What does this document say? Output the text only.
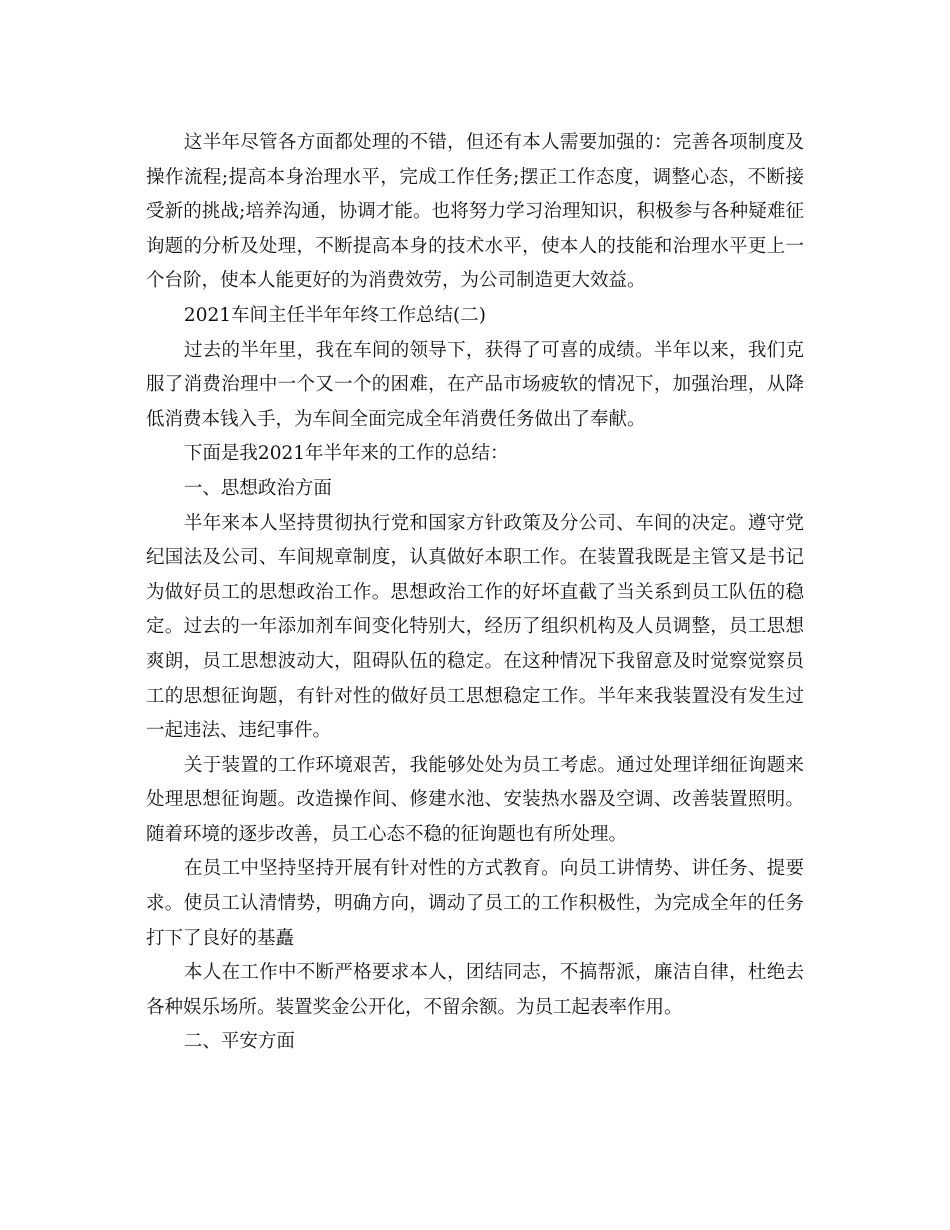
这半年尽管各方面都处理的不错，但还有本人需要加强的：完善各项制度及操作流程;提高本身治理水平，完成工作任务;摆正工作态度，调整心态，不断接受新的挑战;培养沟通，协调才能。也将努力学习治理知识，积极参与各种疑难征询题的分析及处理，不断提高本身的技术水平，使本人的技能和治理水平更上一个台阶，使本人能更好的为消费效劳，为公司制造更大效益。

2021车间主任半年年终工作总结(二)

过去的半年里，我在车间的领导下，获得了可喜的成绩。半年以来，我们克服了消费治理中一个又一个的困难，在产品市场疲软的情况下，加强治理，从降低消费本钱入手，为车间全面完成全年消费任务做出了奉献。

下面是我2021年半年来的工作的总结：

一、思想政治方面

半年来本人坚持贯彻执行党和国家方针政策及分公司、车间的决定。遵守党纪国法及公司、车间规章制度，认真做好本职工作。在装置我既是主管又是书记为做好员工的思想政治工作。思想政治工作的好坏直截了当关系到员工队伍的稳定。过去的一年添加剂车间变化特别大，经历了组织机构及人员调整，员工思想爽朗，员工思想波动大，阻碍队伍的稳定。在这种情况下我留意及时觉察觉察员工的思想征询题，有针对性的做好员工思想稳定工作。半年来我装置没有发生过一起违法、违纪事件。

关于装置的工作环境艰苦，我能够处处为员工考虑。通过处理详细征询题来处理思想征询题。改造操作间、修建水池、安装热水器及空调、改善装置照明。随着环境的逐步改善，员工心态不稳的征询题也有所处理。

在员工中坚持坚持开展有针对性的方式教育。向员工讲情势、讲任务、提要求。使员工认清情势，明确方向，调动了员工的工作积极性，为完成全年的任务打下了良好的基矗

本人在工作中不断严格要求本人，团结同志，不搞帮派，廉洁自律，杜绝去各种娱乐场所。装置奖金公开化，不留余额。为员工起表率作用。

二、平安方面
